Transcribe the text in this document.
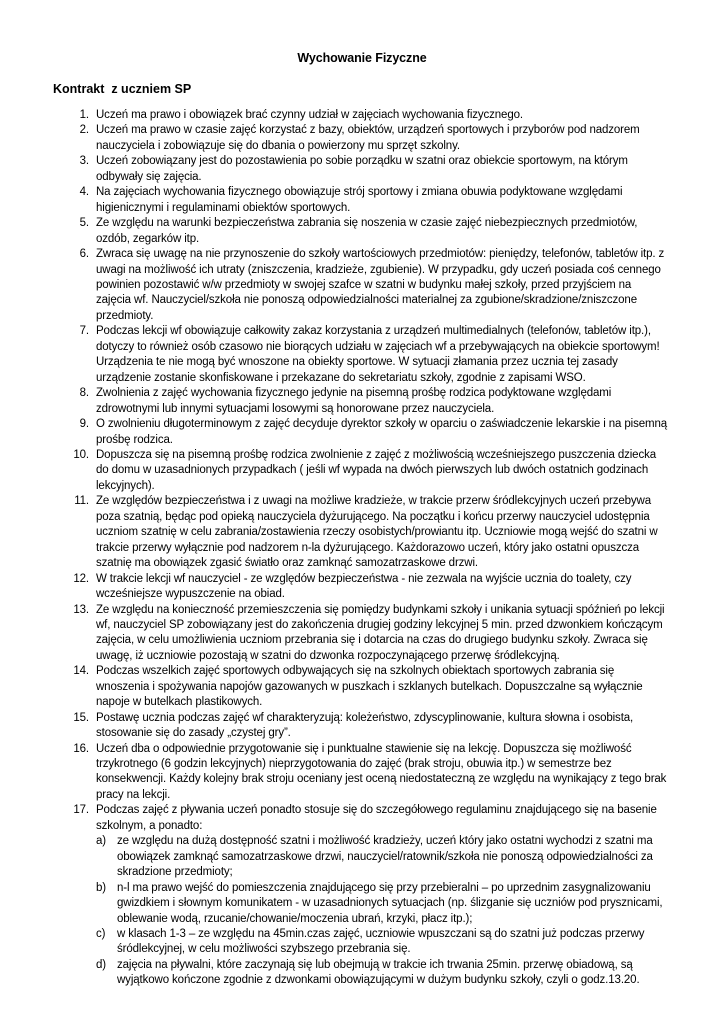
Wychowanie Fizyczne
Kontrakt  z uczniem SP
1. Uczeń ma prawo i obowiązek brać czynny udział w zajęciach wychowania fizycznego.
2. Uczeń ma prawo w czasie zajęć korzystać z bazy, obiektów, urządzeń sportowych i przyborów pod nadzorem nauczyciela i zobowiązuje się do dbania o powierzony mu sprzęt szkolny.
3. Uczeń zobowiązany jest do pozostawienia po sobie porządku w szatni oraz obiekcie sportowym, na którym odbywały się zajęcia.
4. Na zajęciach wychowania fizycznego obowiązuje strój sportowy i zmiana obuwia podyktowane względami higienicznymi i regulaminami obiektów sportowych.
5. Ze względu na warunki bezpieczeństwa zabrania się noszenia w czasie zajęć niebezpiecznych przedmiotów, ozdób, zegarków itp.
6. Zwraca się uwagę na nie przynoszenie do szkoły wartościowych przedmiotów: pieniędzy, telefonów, tabletów itp. z uwagi na możliwość ich utraty (zniszczenia, kradzieże, zgubienie). W przypadku, gdy uczeń posiada coś cennego powinien pozostawić w/w przedmioty w swojej szafce w szatni w budynku małej szkoły, przed przyjściem na zajęcia wf. Nauczyciel/szkoła nie ponoszą odpowiedzialności materialnej za zgubione/skradzione/zniszczone przedmioty.
7. Podczas lekcji wf obowiązuje całkowity zakaz korzystania z urządzeń multimedialnych (telefonów, tabletów itp.), dotyczy to również osób czasowo nie biorących udziału w zajęciach wf a przebywających na obiekcie sportowym! Urządzenia te nie mogą być wnoszone na obiekty sportowe. W sytuacji złamania przez ucznia tej zasady urządzenie zostanie skonfiskowane i przekazane do sekretariatu szkoły, zgodnie z zapisami WSO.
8. Zwolnienia z zajęć wychowania fizycznego jedynie na pisemną prośbę rodzica podyktowane względami zdrowotnymi lub innymi sytuacjami losowymi są honorowane przez nauczyciela.
9. O zwolnieniu długoterminowym z zajęć decyduje dyrektor szkoły w oparciu o zaświadczenie lekarskie i na pisemną prośbę rodzica.
10. Dopuszcza się na pisemną prośbę rodzica zwolnienie z zajęć z możliwością wcześniejszego puszczenia dziecka do domu w uzasadnionych przypadkach ( jeśli wf wypada na dwóch pierwszych lub dwóch ostatnich godzinach lekcyjnych).
11. Ze względów bezpieczeństwa i z uwagi na możliwe kradzieże, w trakcie przerw śródlekcyjnych uczeń przebywa poza szatnią, będąc pod opieką nauczyciela dyżurującego. Na początku i końcu przerwy nauczyciel udostępnia uczniom szatnię w celu zabrania/zostawienia rzeczy osobistych/prowiantu itp. Uczniowie mogą wejść do szatni w trakcie przerwy wyłącznie pod nadzorem n-la dyżurującego. Każdorazowo uczeń, który jako ostatni opuszcza szatnię ma obowiązek zgasić światło oraz zamknąć samozatrzaskowe drzwi.
12. W trakcie lekcji wf nauczyciel - ze względów bezpieczeństwa - nie zezwala na wyjście ucznia do toalety, czy wcześniejsze wypuszczenie na obiad.
13. Ze względu na konieczność przemieszczenia się pomiędzy budynkami szkoły i unikania sytuacji spóźnień po lekcji wf, nauczyciel SP zobowiązany jest do zakończenia drugiej godziny lekcyjnej 5 min. przed dzwonkiem kończącym zajęcia, w celu umożliwienia uczniom przebrania się i dotarcia na czas do drugiego budynku szkoły. Zwraca się uwagę, iż uczniowie pozostają w szatni do dzwonka rozpoczynającego przerwę śródlekcyjną.
14. Podczas wszelkich zajęć sportowych odbywających się na szkolnych obiektach sportowych zabrania się wnoszenia i spożywania napojów gazowanych w puszkach i szklanych butelkach. Dopuszczalne są wyłącznie napoje w butelkach plastikowych.
15. Postawę ucznia podczas zajęć wf charakteryzują: koleżeństwo, zdyscyplinowanie, kultura słowna i osobista, stosowanie się do zasady „czystej gry”.
16. Uczeń dba o odpowiednie przygotowanie się i punktualne stawienie się na lekcję. Dopuszcza się możliwość trzykrotnego (6 godzin lekcyjnych) nieprzygotowania do zajęć (brak stroju, obuwia itp.) w semestrze bez konsekwencji. Każdy kolejny brak stroju oceniany jest oceną niedostateczną ze względu na wynikający z tego brak pracy na lekcji.
17. Podczas zajęć z pływania uczeń ponadto stosuje się do szczegółowego regulaminu znajdującego się na basenie szkolnym, a ponadto:
a) ze względu na dużą dostępność szatni i możliwość kradzieży, uczeń który jako ostatni wychodzi z szatni ma obowiązek zamknąć samozatrzaskowe drzwi, nauczyciel/ratownik/szkoła nie ponoszą odpowiedzialności za skradzione przedmioty;
b) n-l ma prawo wejść do pomieszczenia znajdującego się przy przebieralni – po uprzednim zasygnalizowaniu gwizdkiem i słownym komunikatem - w uzasadnionych sytuacjach (np. ślizganie się uczniów pod prysznicami, oblewanie wodą, rzucanie/chowanie/moczenia ubrań, krzyki, płacz itp.);
c) w klasach 1-3 – ze względu na 45min.czas zajęć, uczniowie wpuszczani są do szatni już podczas przerwy śródlekcyjnej, w celu możliwości szybszego przebrania się.
d) zajęcia na pływalni, które zaczynają się lub obejmują w trakcie ich trwania 25min. przerwę obiadową, są wyjątkowo kończone zgodnie z dzwonkami obowiązującymi w dużym budynku szkoły, czyli o godz.13.20.
